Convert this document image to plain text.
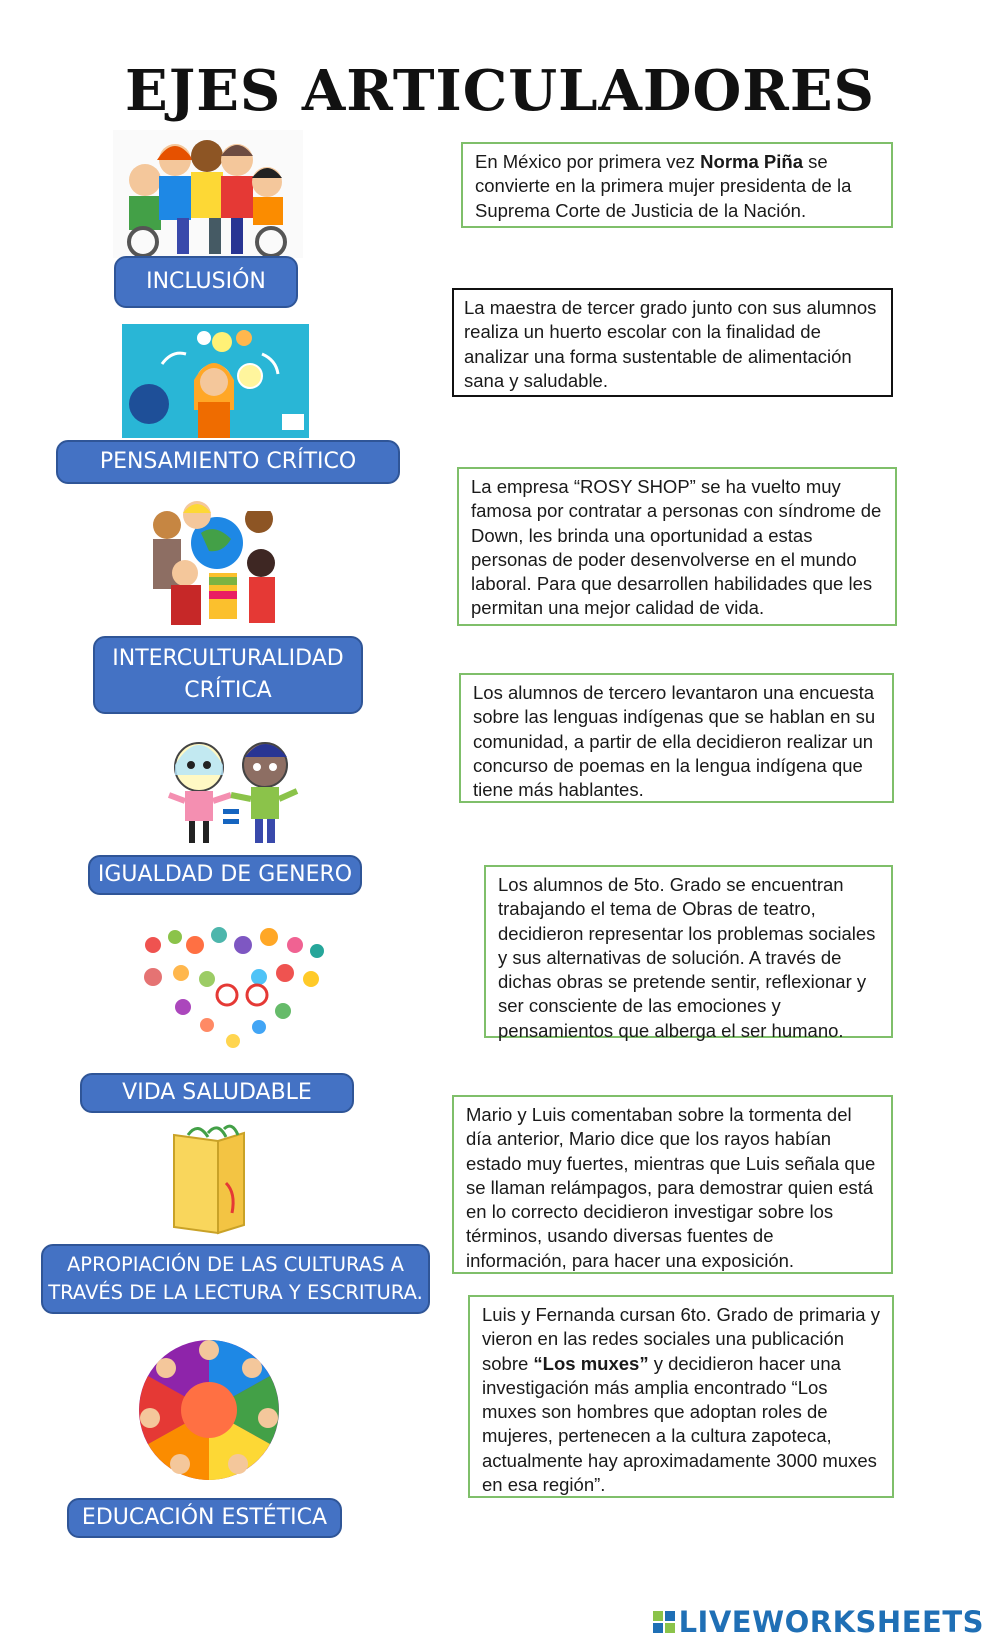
EJES ARTICULADORES
INCLUSIÓN
PENSAMIENTO CRÍTICO
INTERCULTURALIDAD
CRÍTICA
IGUALDAD DE GENERO
VIDA SALUDABLE
APROPIACIÓN DE LAS CULTURAS A
TRAVÉS DE LA LECTURA Y ESCRITURA.
EDUCACIÓN ESTÉTICA
En México por primera vez Norma Piña se convierte en la primera mujer presidenta de la Suprema Corte de Justicia de la Nación.
La maestra de tercer grado junto con sus alumnos realiza un huerto escolar con la finalidad de analizar una forma sustentable de alimentación sana y saludable.
La empresa “ROSY SHOP” se ha vuelto muy famosa por contratar a personas con síndrome de Down, les brinda una oportunidad a estas personas de poder desenvolverse en el mundo laboral. Para que desarrollen habilidades que les permitan una mejor calidad de vida.
Los alumnos de tercero levantaron una encuesta sobre las lenguas indígenas que se hablan en su comunidad, a partir de ella decidieron realizar un concurso de poemas en la lengua indígena que tiene más hablantes.
Los alumnos de 5to. Grado se encuentran trabajando el tema de Obras de teatro, decidieron representar los problemas sociales y sus alternativas de solución. A través de dichas obras se pretende sentir, reflexionar y ser consciente de las emociones y pensamientos que alberga el ser humano.
Mario y Luis comentaban sobre la tormenta del día anterior, Mario dice que los rayos habían estado muy fuertes, mientras que Luis señala que se llaman relámpagos, para demostrar quien está en lo correcto decidieron investigar sobre los términos, usando diversas fuentes de información, para hacer una exposición.
Luis y Fernanda cursan 6to. Grado de primaria y vieron en las redes sociales una publicación sobre “Los muxes” y decidieron hacer una investigación más amplia encontrado “Los muxes son hombres que adoptan roles de mujeres, pertenecen a la cultura zapoteca, actualmente hay aproximadamente 3000 muxes en esa región”.
LIVEWORKSHEETS
